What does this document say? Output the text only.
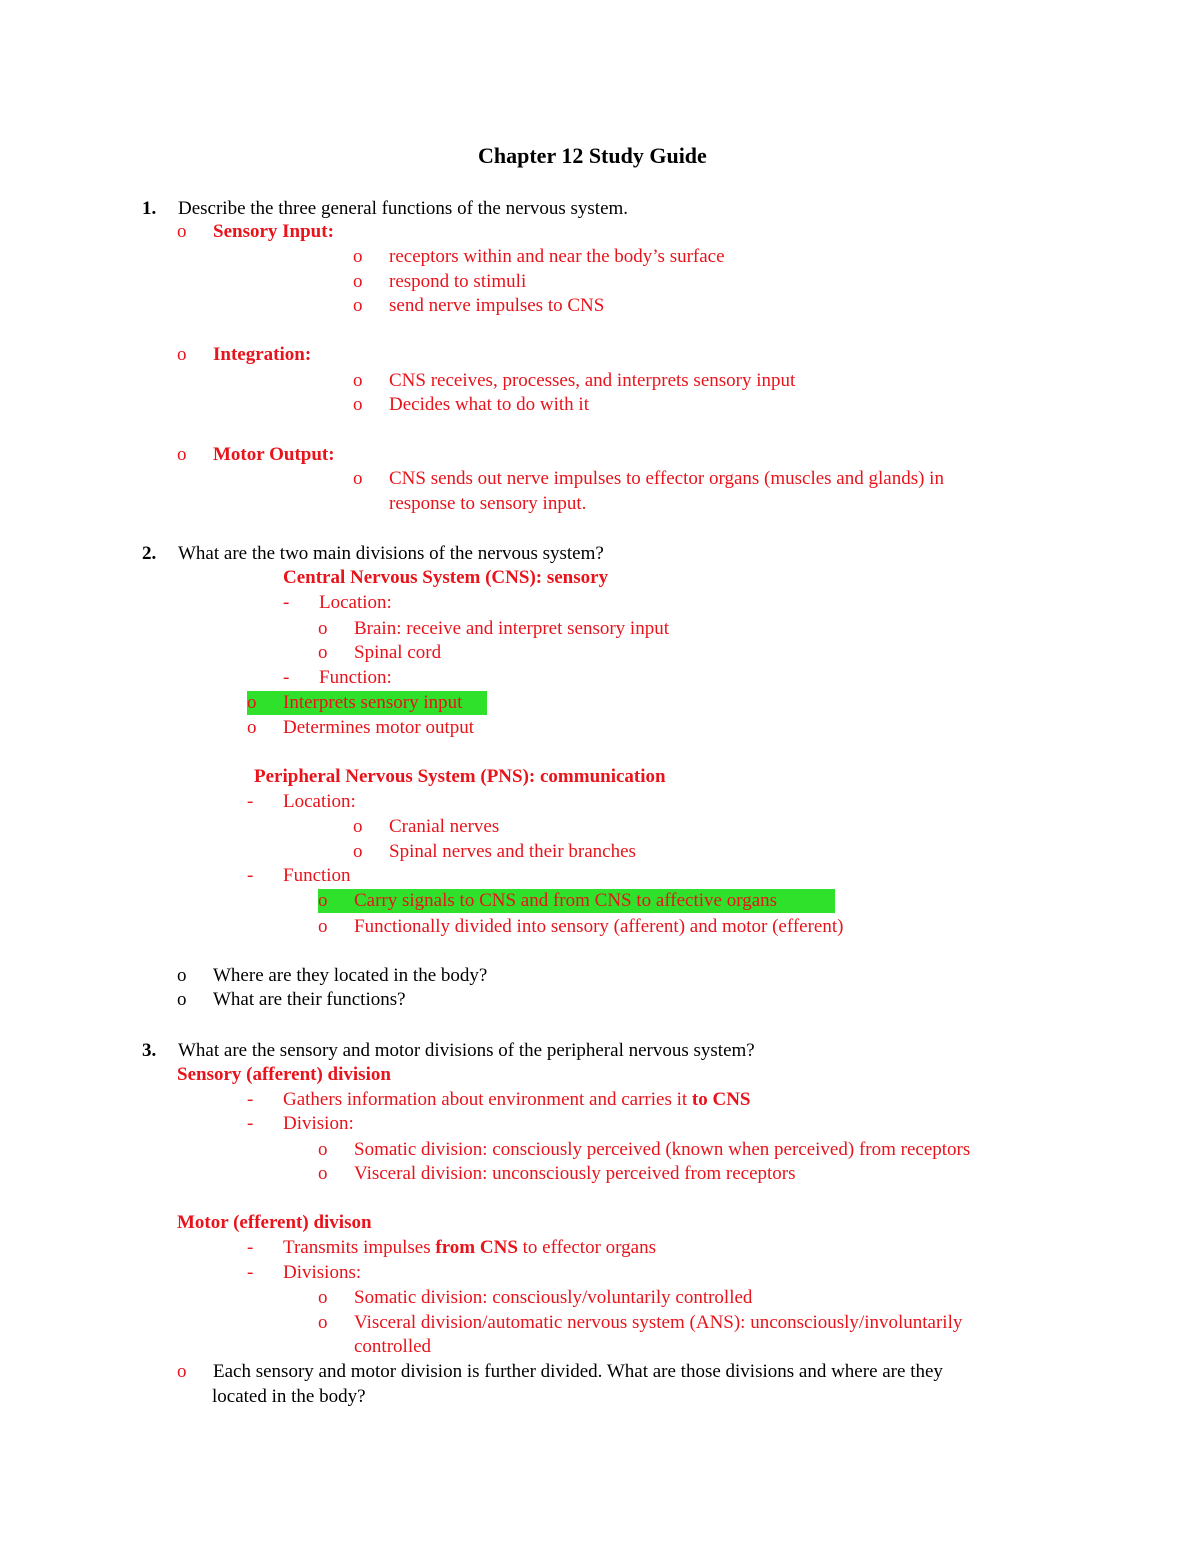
Chapter 12 Study Guide
1. Describe the three general functions of the nervous system.
o Sensory Input:
o receptors within and near the body’s surface
o respond to stimuli
o send nerve impulses to CNS
o Integration:
o CNS receives, processes, and interprets sensory input
o Decides what to do with it
o Motor Output:
o CNS sends out nerve impulses to effector organs (muscles and glands) in
response to sensory input.
2. What are the two main divisions of the nervous system?
Central Nervous System (CNS): sensory
- Location:
o Brain: receive and interpret sensory input
o Spinal cord
- Function:
o Interprets sensory input
o Determines motor output
Peripheral Nervous System (PNS): communication
- Location:
o Cranial nerves
o Spinal nerves and their branches
- Function
o Carry signals to CNS and from CNS to affective organs
o Functionally divided into sensory (afferent) and motor (efferent)
o Where are they located in the body?
o What are their functions?
3. What are the sensory and motor divisions of the peripheral nervous system?
Sensory (afferent) division
- Gathers information about environment and carries it to CNS
- Division:
o Somatic division: consciously perceived (known when perceived) from receptors
o Visceral division: unconsciously perceived from receptors
Motor (efferent) divison
- Transmits impulses from CNS to effector organs
- Divisions:
o Somatic division: consciously/voluntarily controlled
o Visceral division/automatic nervous system (ANS): unconsciously/involuntarily
controlled
o Each sensory and motor division is further divided. What are those divisions and where are they
located in the body?
